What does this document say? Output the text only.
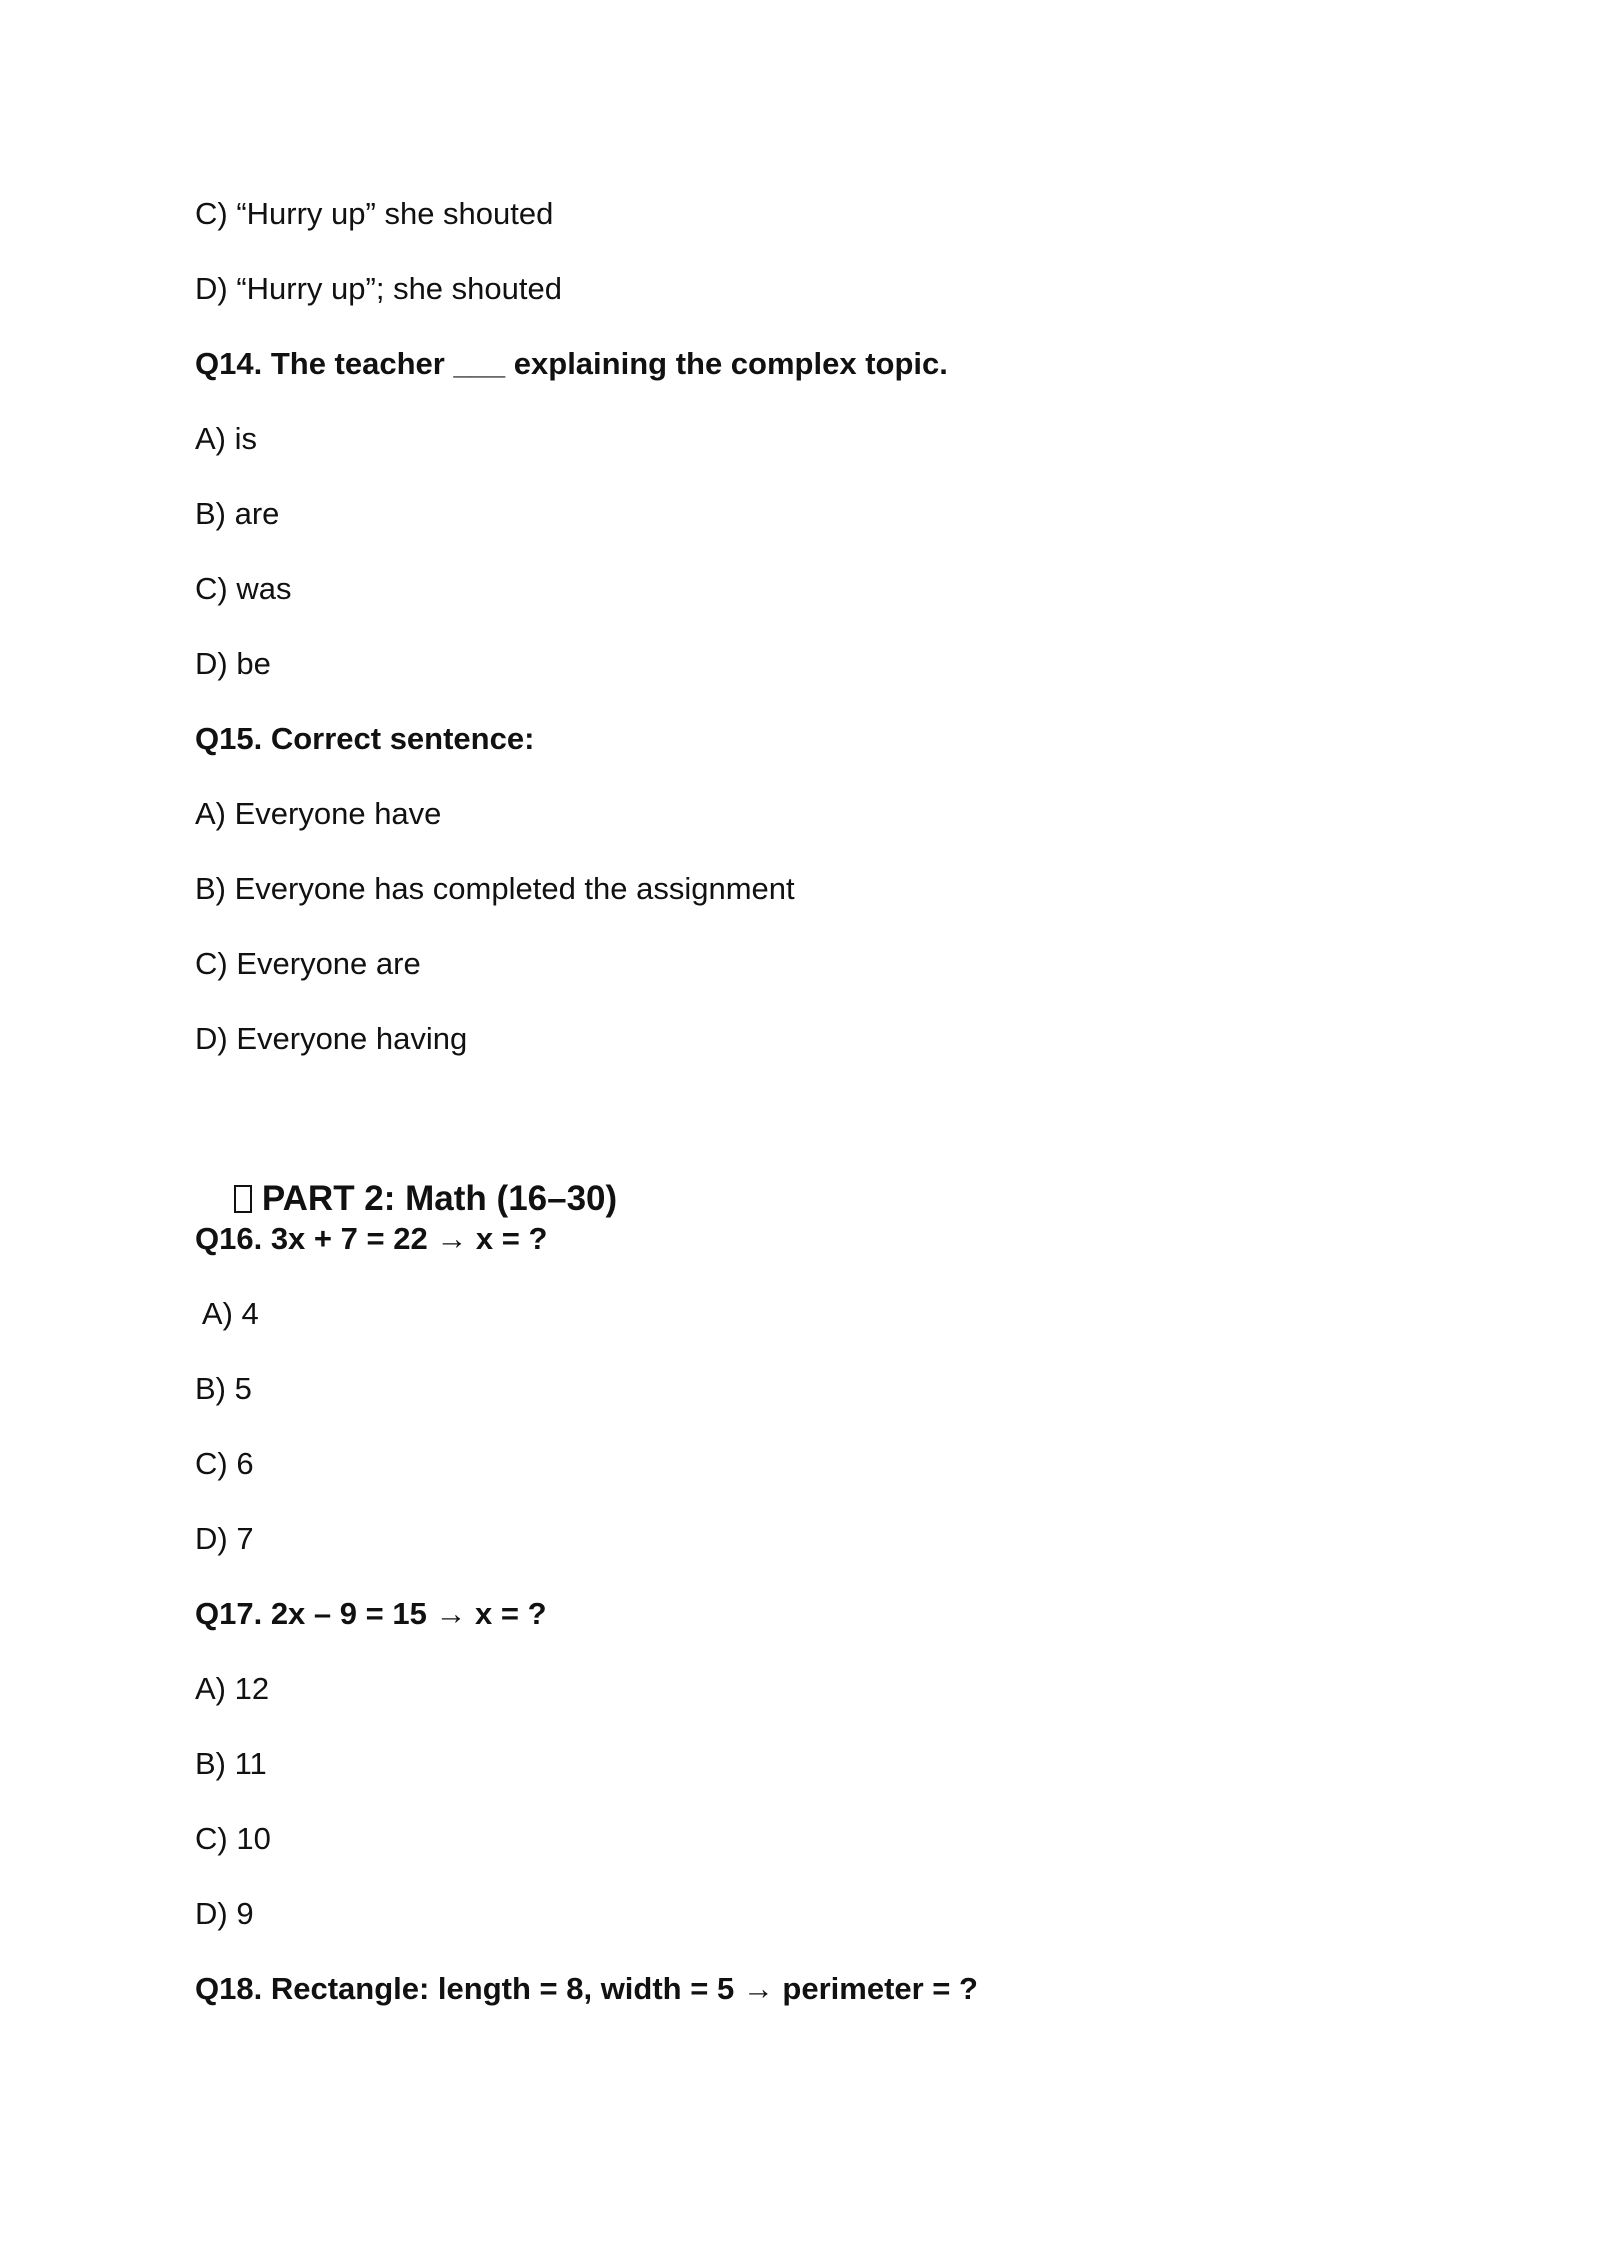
C) “Hurry up” she shouted
D) “Hurry up”; she shouted
Q14. The teacher ___ explaining the complex topic.
A) is
B) are
C) was
D) be
Q15. Correct sentence:
A) Everyone have
B) Everyone has completed the assignment
C) Everyone are
D) Everyone having

PART 2: Math (16–30)

Q16. 3x + 7 = 22 → x = ?
A) 4
B) 5
C) 6
D) 7
Q17. 2x – 9 = 15 → x = ?
A) 12
B) 11
C) 10
D) 9
Q18. Rectangle: length = 8, width = 5 → perimeter = ?
